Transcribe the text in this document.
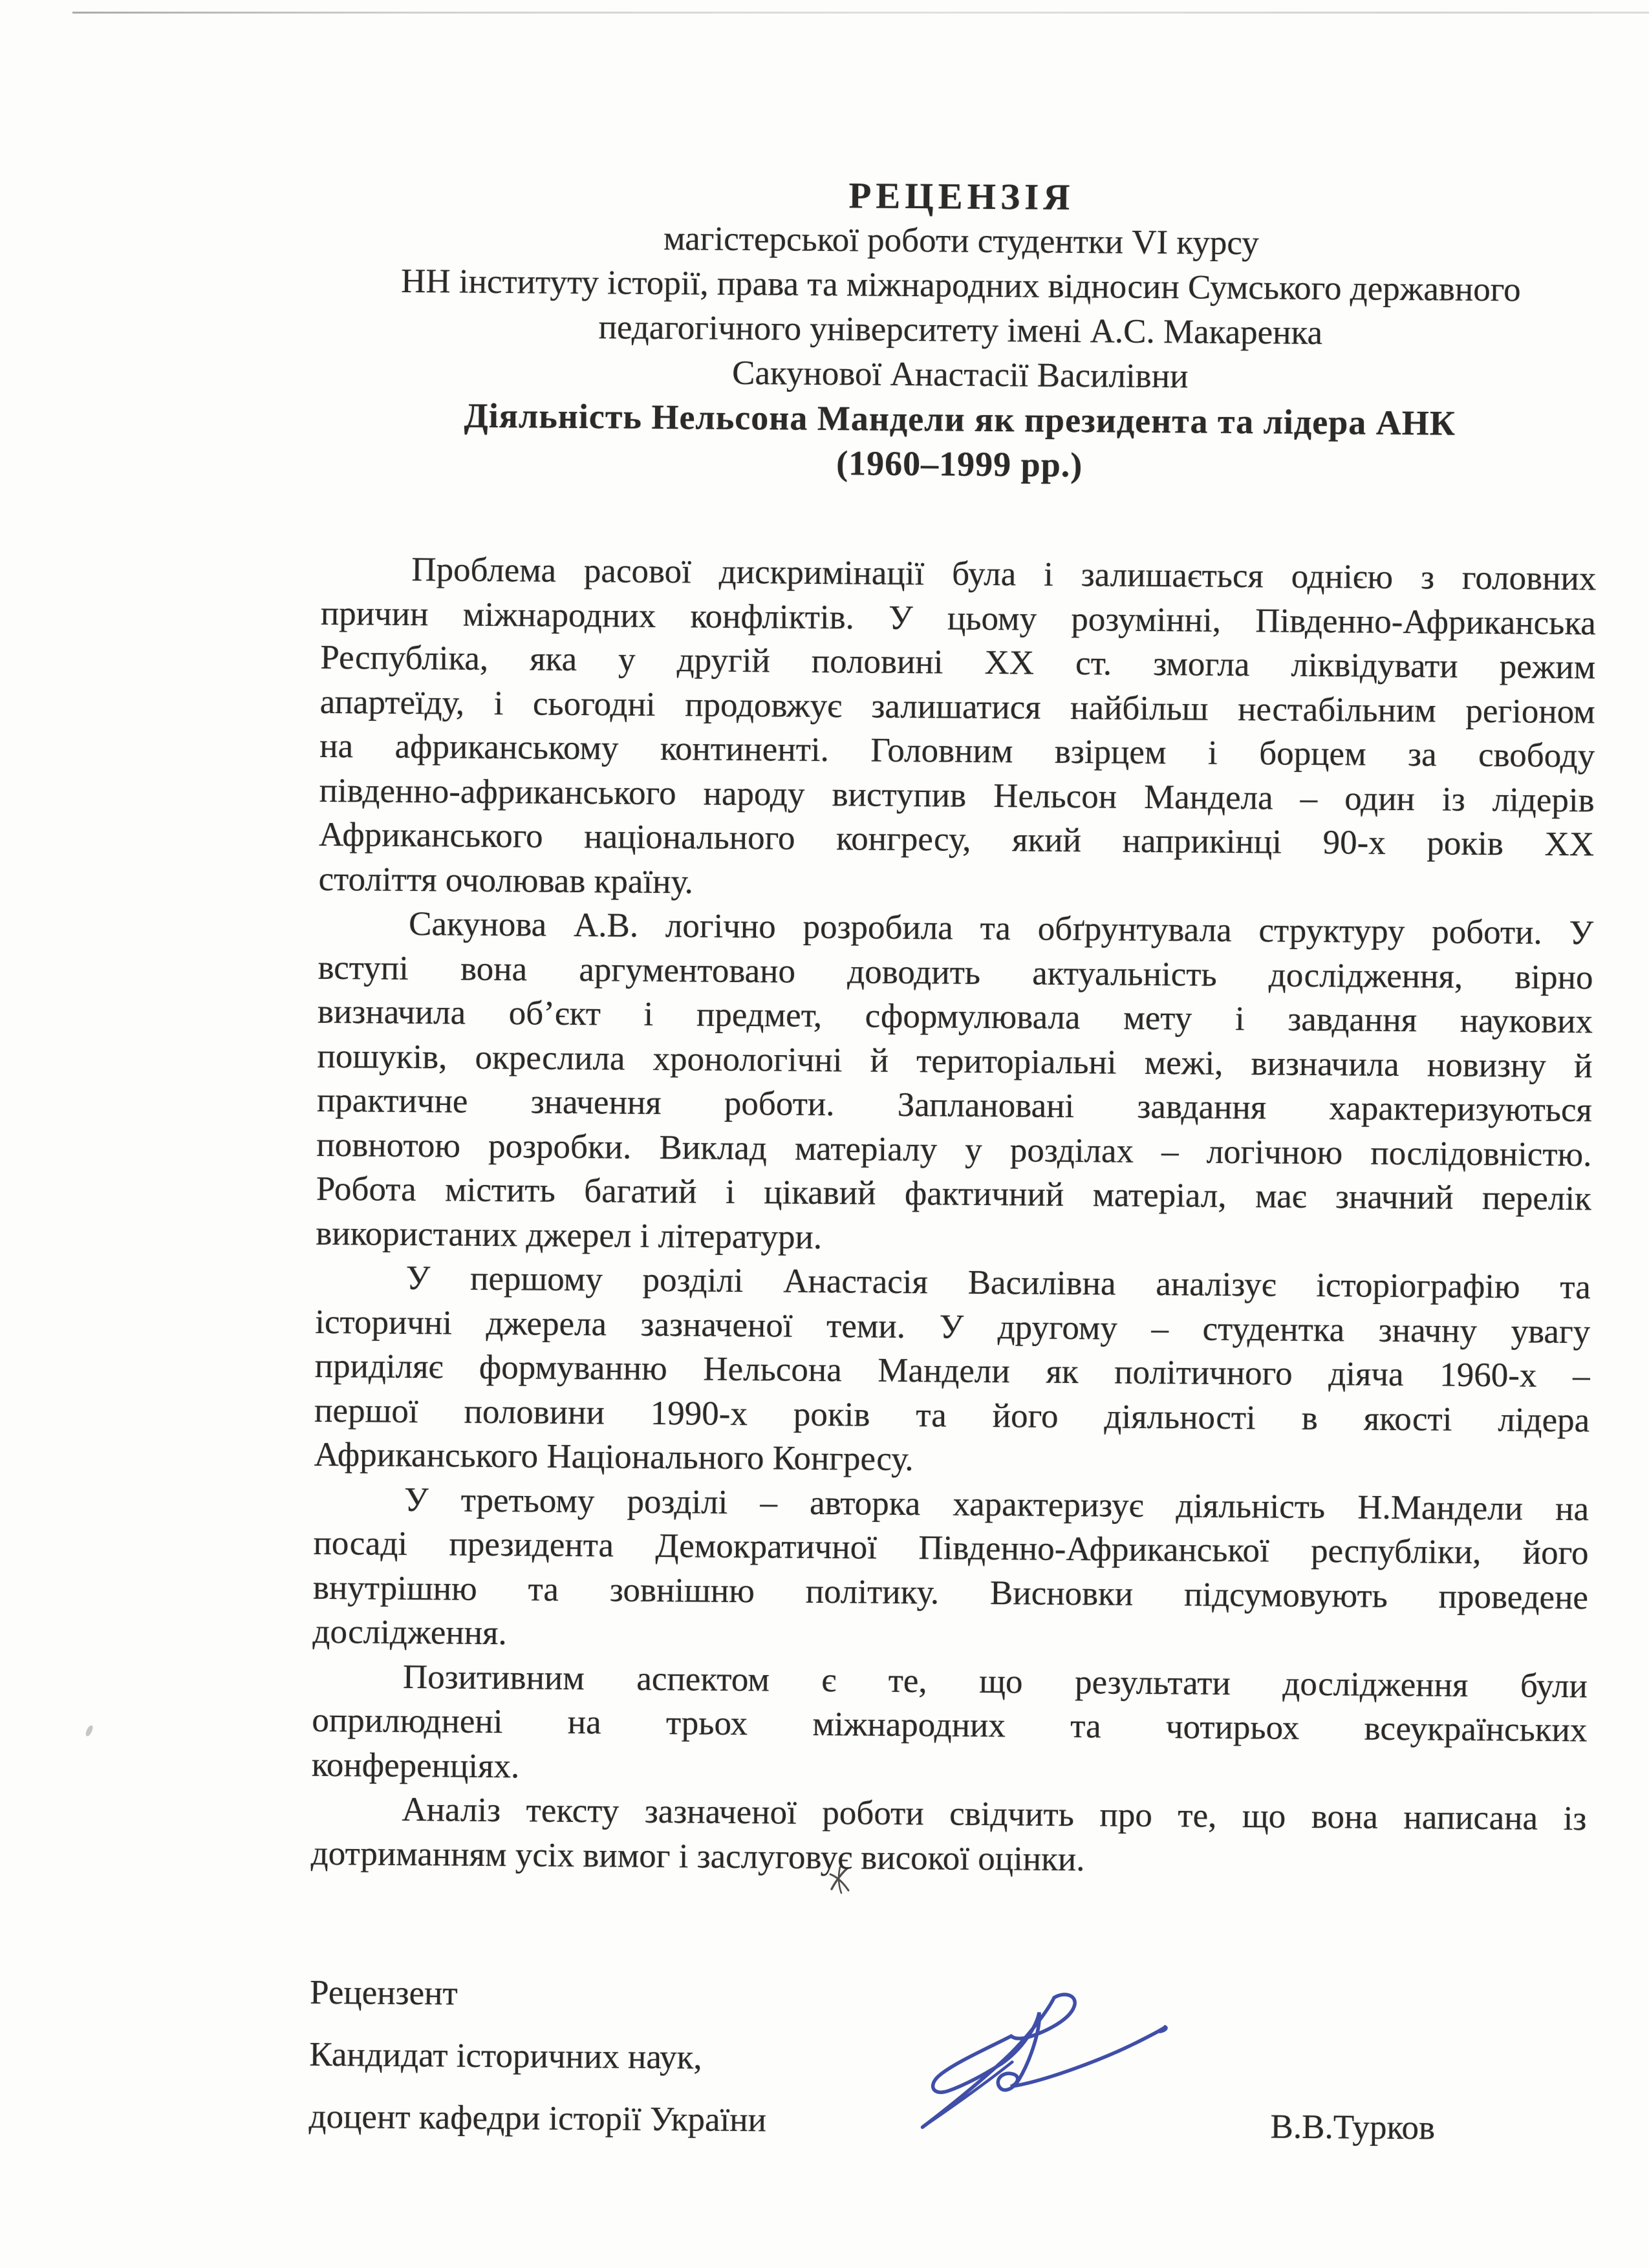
РЕЦЕНЗІЯ
магістерської роботи студентки VI курсу
НН інституту історії, права та міжнародних відносин Сумського державного
педагогічного університету імені А.С. Макаренка
Сакунової Анастасії Василівни
Діяльність Нельсона Мандели як президента та лідера АНК
(1960–1999 рр.)
Проблема расової дискримінації була і залишається однією з головних
причин міжнародних конфліктів. У цьому розумінні, Південно-Африканська
Республіка, яка у другій половині ХХ ст. змогла ліквідувати режим
апартеїду, і сьогодні продовжує залишатися найбільш нестабільним регіоном
на африканському континенті. Головним взірцем і борцем за свободу
південно-африканського народу виступив Нельсон Мандела – один із лідерів
Африканського національного конгресу, який наприкінці 90-х років ХХ
століття очолював країну.
Сакунова А.В. логічно розробила та обґрунтувала структуру роботи. У
вступі вона аргументовано доводить актуальність дослідження, вірно
визначила об’єкт і предмет, сформулювала мету і завдання наукових
пошуків, окреслила хронологічні й територіальні межі, визначила новизну й
практичне значення роботи. Заплановані завдання характеризуються
повнотою розробки. Виклад матеріалу у розділах – логічною послідовністю.
Робота містить багатий і цікавий фактичний матеріал, має значний перелік
використаних джерел і літератури.
У першому розділі Анастасія Василівна аналізує історіографію та
історичні джерела зазначеної теми. У другому – студентка значну увагу
приділяє формуванню Нельсона Мандели як політичного діяча 1960-х –
першої половини 1990-х років та його діяльності в якості лідера
Африканського Національного Конгресу.
У третьому розділі – авторка характеризує діяльність Н.Мандели на
посаді президента Демократичної Південно-Африканської республіки, його
внутрішню та зовнішню політику. Висновки підсумовують проведене
дослідження.
Позитивним аспектом є те, що результати дослідження були
оприлюднені на трьох міжнародних та чотирьох всеукраїнських
конференціях.
Аналіз тексту зазначеної роботи свідчить про те, що вона написана із
дотриманням усіх вимог і заслуговує високої оцінки.
Рецензент
Кандидат історичних наук,
доцент кафедри історії України	В.В.Турков
